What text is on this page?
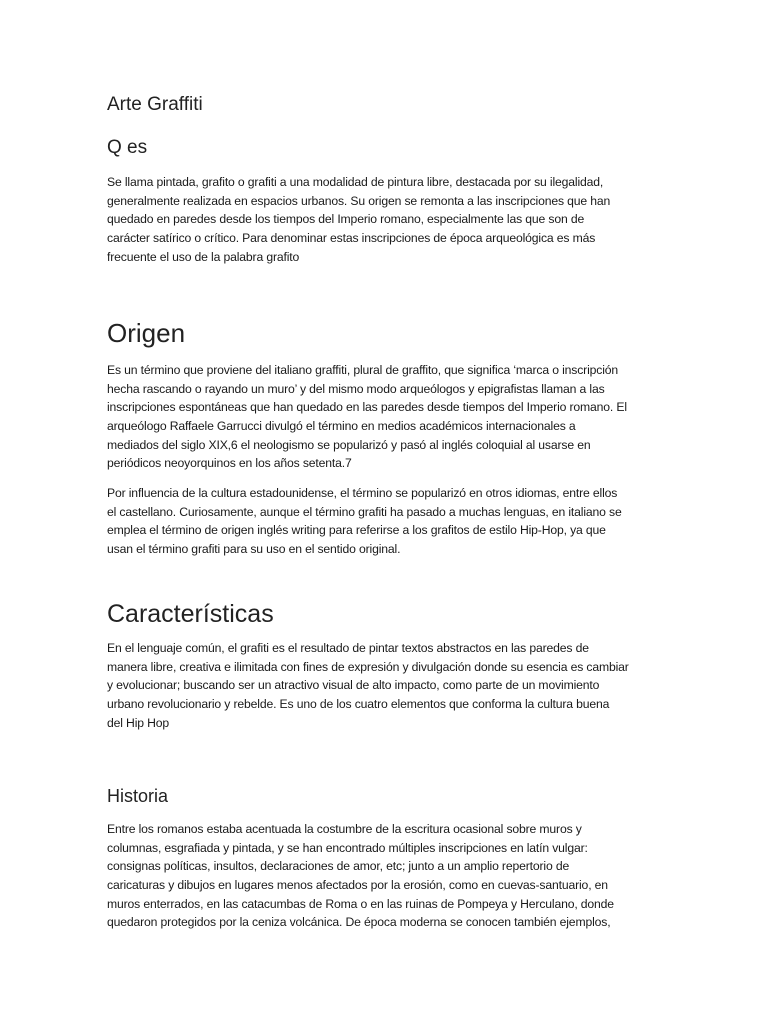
Arte Graffiti
Q es
Se llama pintada, grafito o grafiti a una modalidad de pintura libre, destacada por su ilegalidad,
generalmente realizada en espacios urbanos. Su origen se remonta a las inscripciones que han
quedado en paredes desde los tiempos del Imperio romano, especialmente las que son de
carácter satírico o crítico. Para denominar estas inscripciones de época arqueológica es más
frecuente el uso de la palabra grafito
Origen
Es un término que proviene del italiano graffiti, plural de graffito, que significa ‘marca o inscripción
hecha rascando o rayando un muro’ y del mismo modo arqueólogos y epigrafistas llaman a las
inscripciones espontáneas que han quedado en las paredes desde tiempos del Imperio romano. El
arqueólogo Raffaele Garrucci divulgó el término en medios académicos internacionales a
mediados del siglo XIX,6 el neologismo se popularizó y pasó al inglés coloquial al usarse en
periódicos neoyorquinos en los años setenta.7
Por influencia de la cultura estadounidense, el término se popularizó en otros idiomas, entre ellos
el castellano. Curiosamente, aunque el término grafiti ha pasado a muchas lenguas, en italiano se
emplea el término de origen inglés writing para referirse a los grafitos de estilo Hip-Hop, ya que
usan el término grafiti para su uso en el sentido original.
Características
En el lenguaje común, el grafiti es el resultado de pintar textos abstractos en las paredes de
manera libre, creativa e ilimitada con fines de expresión y divulgación donde su esencia es cambiar
y evolucionar; buscando ser un atractivo visual de alto impacto, como parte de un movimiento
urbano revolucionario y rebelde. Es uno de los cuatro elementos que conforma la cultura buena
del Hip Hop
Historia
Entre los romanos estaba acentuada la costumbre de la escritura ocasional sobre muros y
columnas, esgrafiada y pintada, y se han encontrado múltiples inscripciones en latín vulgar:
consignas políticas, insultos, declaraciones de amor, etc; junto a un amplio repertorio de
caricaturas y dibujos en lugares menos afectados por la erosión, como en cuevas-santuario, en
muros enterrados, en las catacumbas de Roma o en las ruinas de Pompeya y Herculano, donde
quedaron protegidos por la ceniza volcánica. De época moderna se conocen también ejemplos,
